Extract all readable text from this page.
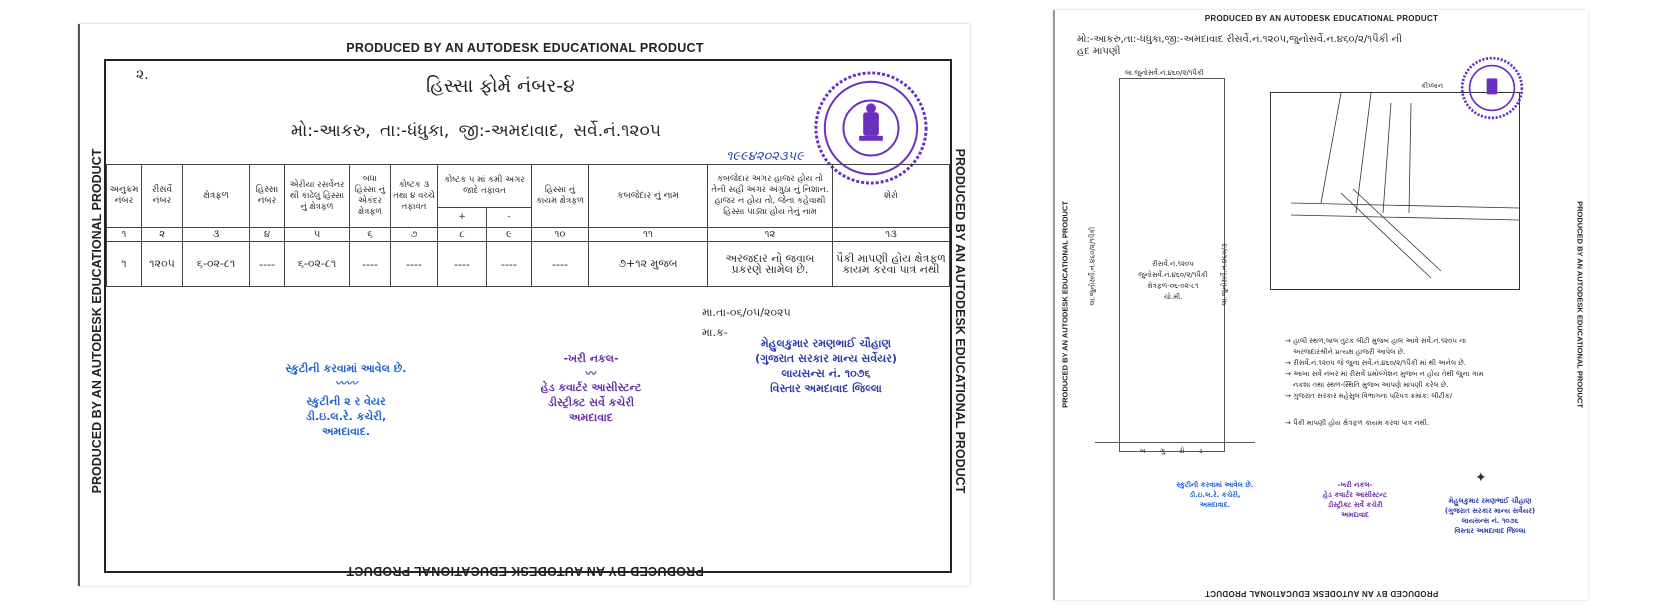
PRODUCED BY AN AUTODESK EDUCATIONAL PRODUCT
PRODUCED BY AN AUTODESK EDUCATIONAL PRODUCT
PRODUCED BY AN AUTODESK EDUCATIONAL PRODUCT	PRODUCED BY AN AUTODESK EDUCATIONAL PRODUCT
૨.	હિસ્સા ફોર્મ નંબર-૪
મો:-આકરુ, તા:-ધંધુકા, જી:-અમદાવાદ, સર્વે.નં.૧૨૦૫
૧૯૯૪૨૦૨૩૫૯
અનુક્રમ નંબર	રીસર્વે નંબર	ક્ષેત્રફળ	હિસ્સા નંબર	એરીયા રસર્વેનર થી કાઢેલુ હિસ્સા નું ક્ષેત્રફળ	બધા હિસ્સા નું એકંદર ક્ષેત્રફળ	કોષ્ટક ૩ તથા ૪ વચ્ચે તફાવત	કોષ્ટક ૫ માં કમી અગર જાદે તફાવત		હિસ્સા નું કાયમ ક્ષેત્રફળ	કબજેદાર નું નામ	કબજેદાર અગર હાજર હોય તો તેની સહી અગર અંગુઠા નું નિશાન. હાજર ન હોય તો, જેના કહેવાથી હિસ્સા પાડ્યા હોય તેનું નામ	શેરો
							+	-				
૧	૨	૩	૪	૫	૬	૭	૮	૯	૧૦	૧૧	૧૨	૧૩
૧	૧૨૦૫	૬-૦૨-૮૧	----	૬-૦૨-૮૧	----	----	----	----	----	૭+૧૨ મુજબ	અરજદાર નો જવાબ પ્રકરણે સામેલ છે.	પૈકી માપણી હોય ક્ષેત્રફળ કાયમ કરવા પાત્ર નથી
સ્કુટીની કરવામાં આવેલ છે.
〰〰
સ્કુટીની ૨ ર વેયર
ડી.ઇ.લ.રે. કચેરી,
અમદાવાદ.
-ખરી નકલ-
〰
હેડ કવાર્ટર આસીસ્ટન્ટ
ડીસ્ટ્રીક્ટ સર્વે કચેરી
અમદાવાદ
મા.તા-૦૬/૦૫/૨૦૨૫
મા.ક-
મેહુલકુમાર રમણભાઈ ચૌહાણ
(ગુજરાત સરકાર માન્ય સર્વેયર)
લાયસન્સ નં. ૧૦૭૬
વિસ્તાર અમદાવાદ જિલ્લા
PRODUCED BY AN AUTODESK EDUCATIONAL PRODUCT
PRODUCED BY AN AUTODESK EDUCATIONAL PRODUCT
PRODUCED BY AN AUTODESK EDUCATIONAL PRODUCT	PRODUCED BY AN AUTODESK EDUCATIONAL PRODUCT
મો:-આકરુ,તા:-ધંધુકા,જી:-અમદાવાદ રીસર્વે.નં.૧૨૦૫,જુનોસર્વે.નં.૪૬૦/૨/૧પૈકી ની
હદ માપણી
લા.જુનોસર્વે.નં.૪૬૦/૨/૧પૈકી
રીસર્વે.નં.૧૨૦૫
જુનોસર્વે.નં.૪૬૦/૨/૧પૈકી
ક્ષેત્રફળ-૦૬-૦૨-૮૧ ચો.મી.
લા.જુનોસર્વે.નં.૪૬૦/૨/૧પૈકી	લા.જુનોસર્વે.નં.૪૬૦/૩
બ ગુ રો ડ
કીપ્લાન
→ હાલી સ્થળ,લાલ તુટક લીટી મુજબ હાલ આવે સર્વે.નં.૧૨૦૫ ના
અરજદારશ્રીને પ્રત્યક્ષ હાજરી આપેલ છે.
→ રીસર્વે.નં.૧૨૦૫ જે જુના સર્વે.નં.૪૬૦/૨/૧પૈકી માં થી અનેલ છે.
→ આખા સર્વે નંબર માં રીસર્વે પ્રમોલ્ગેશન મુજબ ન હોય તેથી જુના ગામ
નકશા તથા સ્થળ-સ્થિતિ મુજબ આપણે માપણી કરેલ છે.
→ ગુજરાત સરકાર મહેસુલ વિભાગના પરિપત્ર ક્રમાંક: લીટીક/
→ પૈકી માપણી હોય ક્ષેત્રફળ કાયમ કરવા પાત્ર નથી.
સ્કુટીની કરવામાં આવેલ છે.
ડી.ઇ.લ.રે. કચેરી,
અમદાવાદ.
-ખરી નકલ-
હેડ કવાર્ટર આસીસ્ટન્ટ
ડીસ્ટ્રીક્ટ સર્વે કચેરી
અમદાવાદ
✦
મેહુલકુમાર રમણભાઈ ચૌહાણ
(ગુજરાત સરકાર માન્ય સર્વેયર)
લાયસન્સ નં. ૧૦૭૬
વિસ્તાર અમદાવાદ જિલ્લા
